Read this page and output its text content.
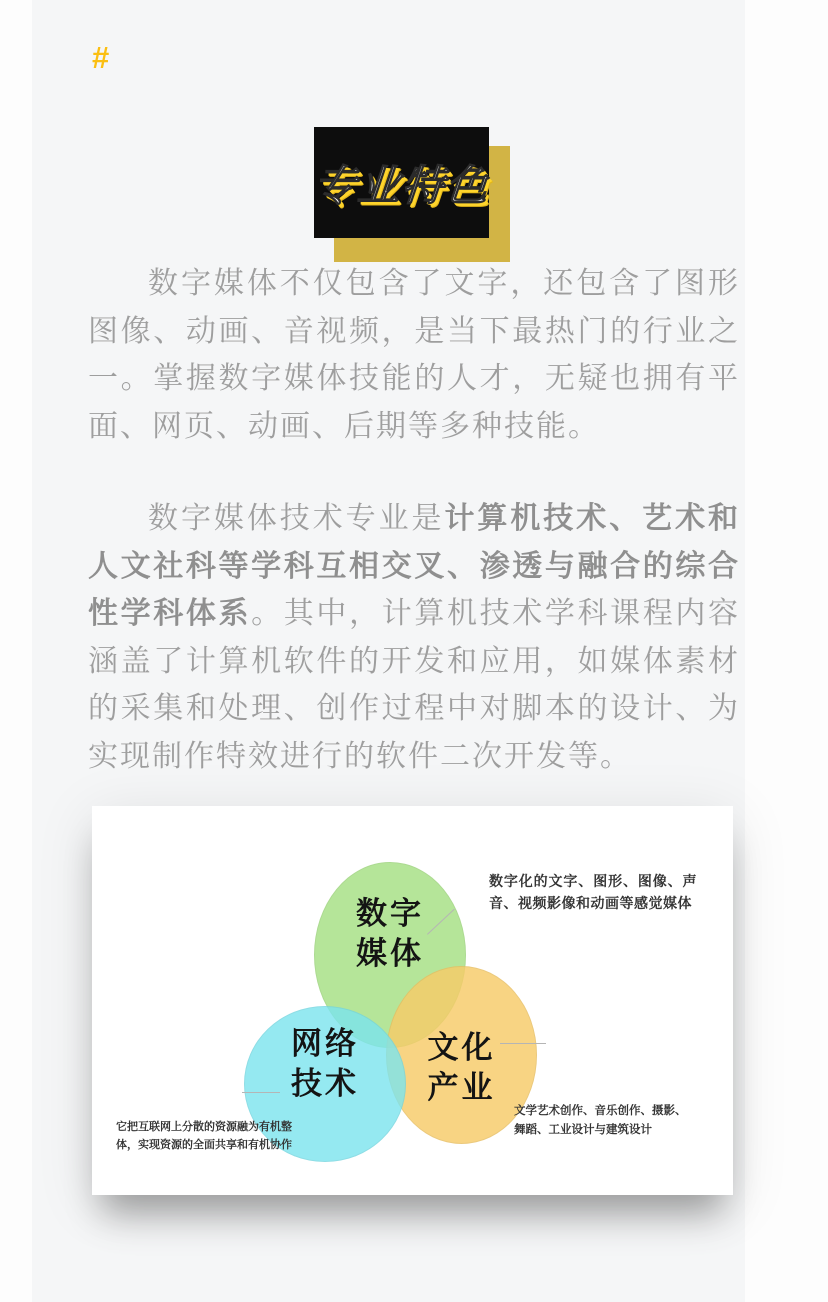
#
专业特色

数字媒体不仅包含了文字，还包含了图形图像、动画、音视频，是当下最热门的行业之一。掌握数字媒体技能的人才，无疑也拥有平面、网页、动画、后期等多种技能。

数字媒体技术专业是计算机技术、艺术和人文社科等学科互相交叉、渗透与融合的综合性学科体系。其中，计算机技术学科课程内容涵盖了计算机软件的开发和应用，如媒体素材的采集和处理、创作过程中对脚本的设计、为实现制作特效进行的软件二次开发等。

数字
媒体
网络
技术
文化
产业
数字化的文字、图形、图像、声音、视频影像和动画等感觉媒体
它把互联网上分散的资源融为有机整体，实现资源的全面共享和有机协作
文学艺术创作、音乐创作、摄影、舞蹈、工业设计与建筑设计
